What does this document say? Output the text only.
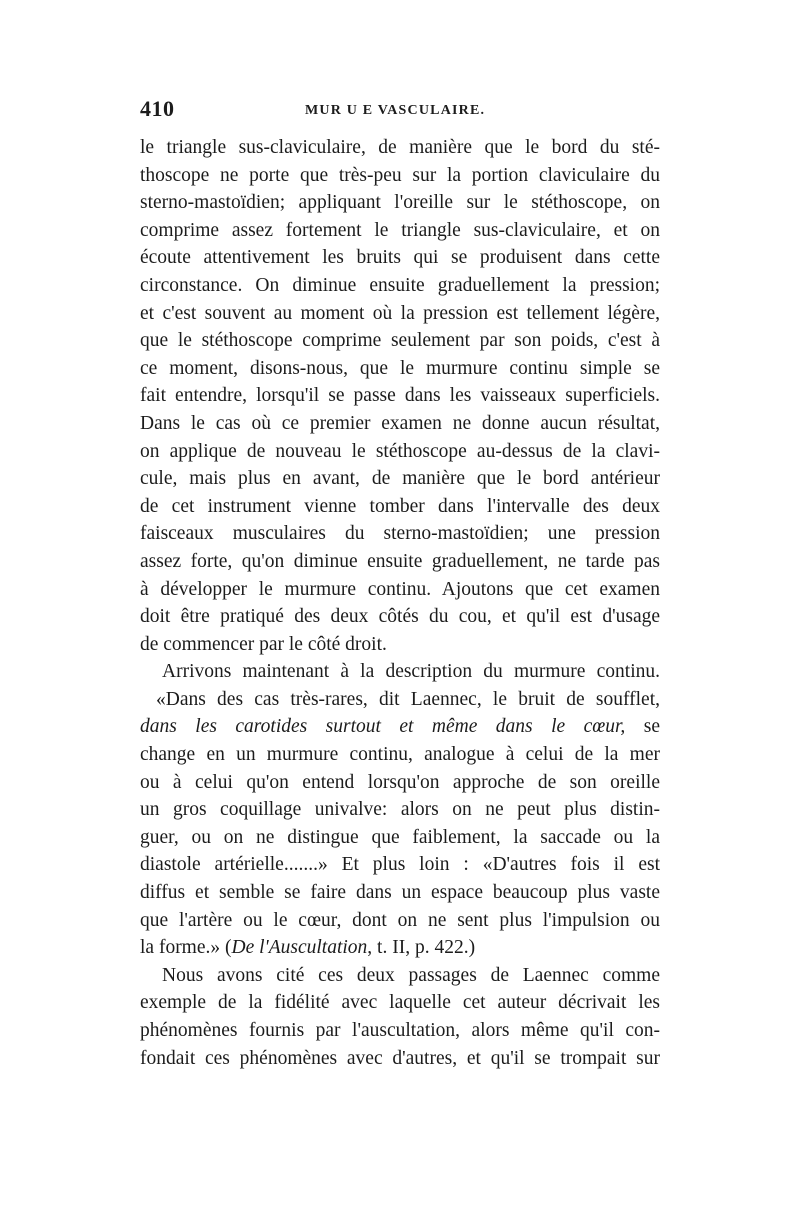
410	MUR U E VASCULAIRE.
le triangle sus-claviculaire, de manière que le bord du sté-
thoscope ne porte que très-peu sur la portion claviculaire du
sterno-mastoïdien; appliquant l'oreille sur le stéthoscope, on
comprime assez fortement le triangle sus-claviculaire, et on
écoute attentivement les bruits qui se produisent dans cette
circonstance. On diminue ensuite graduellement la pression;
et c'est souvent au moment où la pression est tellement légère,
que le stéthoscope comprime seulement par son poids, c'est à
ce moment, disons-nous, que le murmure continu simple se
fait entendre, lorsqu'il se passe dans les vaisseaux superficiels.
Dans le cas où ce premier examen ne donne aucun résultat,
on applique de nouveau le stéthoscope au-dessus de la clavi-
cule, mais plus en avant, de manière que le bord antérieur
de cet instrument vienne tomber dans l'intervalle des deux
faisceaux musculaires du sterno-mastoïdien; une pression
assez forte, qu'on diminue ensuite graduellement, ne tarde pas
à développer le murmure continu. Ajoutons que cet examen
doit être pratiqué des deux côtés du cou, et qu'il est d'usage
de commencer par le côté droit.
Arrivons maintenant à la description du murmure continu.
«Dans des cas très-rares, dit Laennec, le bruit de soufflet,
dans les carotides surtout et même dans le cœur, se
change en un murmure continu, analogue à celui de la mer
ou à celui qu'on entend lorsqu'on approche de son oreille
un gros coquillage univalve: alors on ne peut plus distin-
guer, ou on ne distingue que faiblement, la saccade ou la
diastole artérielle.......» Et plus loin : «D'autres fois il est
diffus et semble se faire dans un espace beaucoup plus vaste
que l'artère ou le cœur, dont on ne sent plus l'impulsion ou
la forme.» (De l'Auscultation, t. II, p. 422.)
Nous avons cité ces deux passages de Laennec comme
exemple de la fidélité avec laquelle cet auteur décrivait les
phénomènes fournis par l'auscultation, alors même qu'il con-
fondait ces phénomènes avec d'autres, et qu'il se trompait sur
